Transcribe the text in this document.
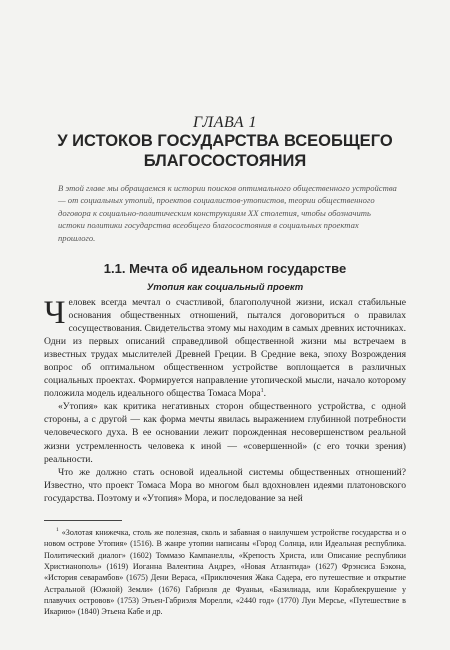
ГЛАВА 1
У ИСТОКОВ ГОСУДАРСТВА ВСЕОБЩЕГО БЛАГОСОСТОЯНИЯ
В этой главе мы обращаемся к истории поисков оптимального общественного устройства — от социальных утопий, проектов социалистов-утопистов, теории общественного договора к социально-политическим конструкциям XX столетия, чтобы обозначить истоки политики государства всеобщего благосостояния в социальных проектах прошлого.
1.1. Мечта об идеальном государстве
Утопия как социальный проект

Человек всегда мечтал о счастливой, благополучной жизни, искал стабильные основания общественных отношений, пытался договориться о правилах сосуществования. Свидетельства этому мы находим в самых древних источниках. Одни из первых описаний справедливой общественной жизни мы встречаем в известных трудах мыслителей Древней Греции. В Средние века, эпоху Возрождения вопрос об оптимальном общественном устройстве воплощается в различных социальных проектах. Формируется направление утопической мысли, начало которому положила модель идеального общества Томаса Мора$^1$.

«Утопия» как критика негативных сторон общественного устройства, с одной стороны, а с другой — как форма мечты явилась выражением глубинной потребности человеческого духа. В ее основании лежит порожденная несовершенством реальной жизни устремленность человека к иной — «совершенной» (с его точки зрения) реальности.

Что же должно стать основой идеальной системы общественных отношений? Известно, что проект Томаса Мора во многом был вдохновлен идеями платоновского государства. Поэтому и «Утопия» Мора, и последование за ней

$^1$ «Золотая книжечка, столь же полезная, сколь и забавная о наилучшем устройстве государства и о новом острове Утопия» (1516). В жанре утопии написаны «Город Солнца, или Идеальная республика. Политический диалог» (1602) Томмазо Кампанеллы, «Крепость Христа, или Описание республики Христианополь» (1619) Иоганна Валентина Андреэ, «Новая Атлантида» (1627) Фрэнсиса Бэкона, «История севарамбов» (1675) Дени Вераса, «Приключения Жака Садера, его путешествие и открытие Астральной (Южной) Земли» (1676) Габриэля де Фуаньи, «Базилиада, или Кораблекрушение у плавучих островов» (1753) Этьен-Габриэля Морелли, «2440 год» (1770) Луи Мерсье, «Путешествие в Икарию» (1840) Этьена Кабе и др.
